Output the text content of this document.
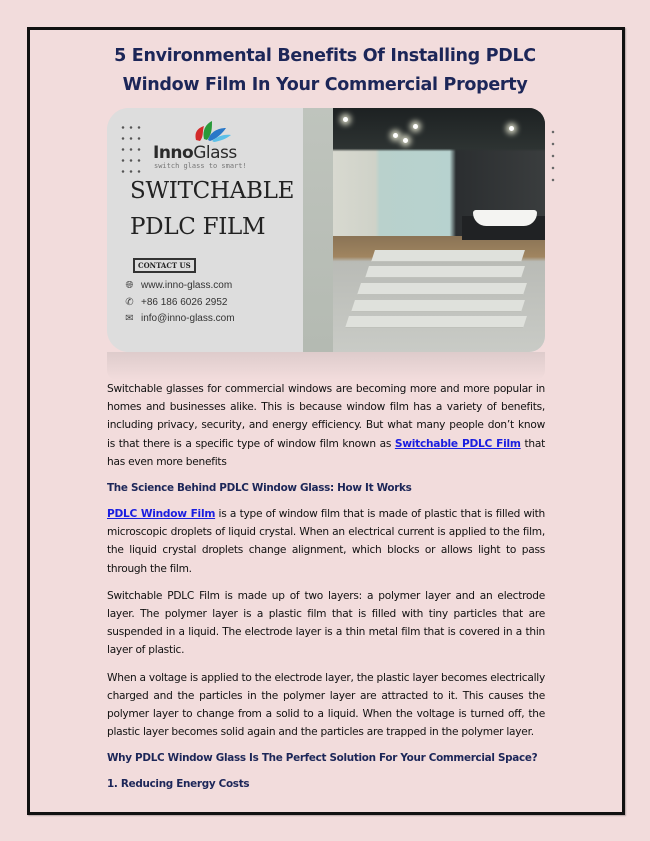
5 Environmental Benefits Of Installing PDLC
Window Film In Your Commercial Property
InnoGlass
switch glass to smart!
SWITCHABLE
PDLC FILM
CONTACT US
🌐︎ www.inno-glass.com
✆ +86 186 6026 2952
✉ info@inno-glass.com

Switchable glasses for commercial windows are becoming more and more popular in homes and businesses alike. This is because window film has a variety of benefits, including privacy, security, and energy efficiency. But what many people don’t know is that there is a specific type of window film known as Switchable PDLC Film that has even more benefits

The Science Behind PDLC Window Glass: How It Works

PDLC Window Film is a type of window film that is made of plastic that is filled with microscopic droplets of liquid crystal. When an electrical current is applied to the film, the liquid crystal droplets change alignment, which blocks or allows light to pass through the film.

Switchable PDLC Film is made up of two layers: a polymer layer and an electrode layer. The polymer layer is a plastic film that is filled with tiny particles that are suspended in a liquid. The electrode layer is a thin metal film that is covered in a thin layer of plastic.

When a voltage is applied to the electrode layer, the plastic layer becomes electrically charged and the particles in the polymer layer are attracted to it. This causes the polymer layer to change from a solid to a liquid. When the voltage is turned off, the plastic layer becomes solid again and the particles are trapped in the polymer layer.

Why PDLC Window Glass Is The Perfect Solution For Your Commercial Space?
1. Reducing Energy Costs
